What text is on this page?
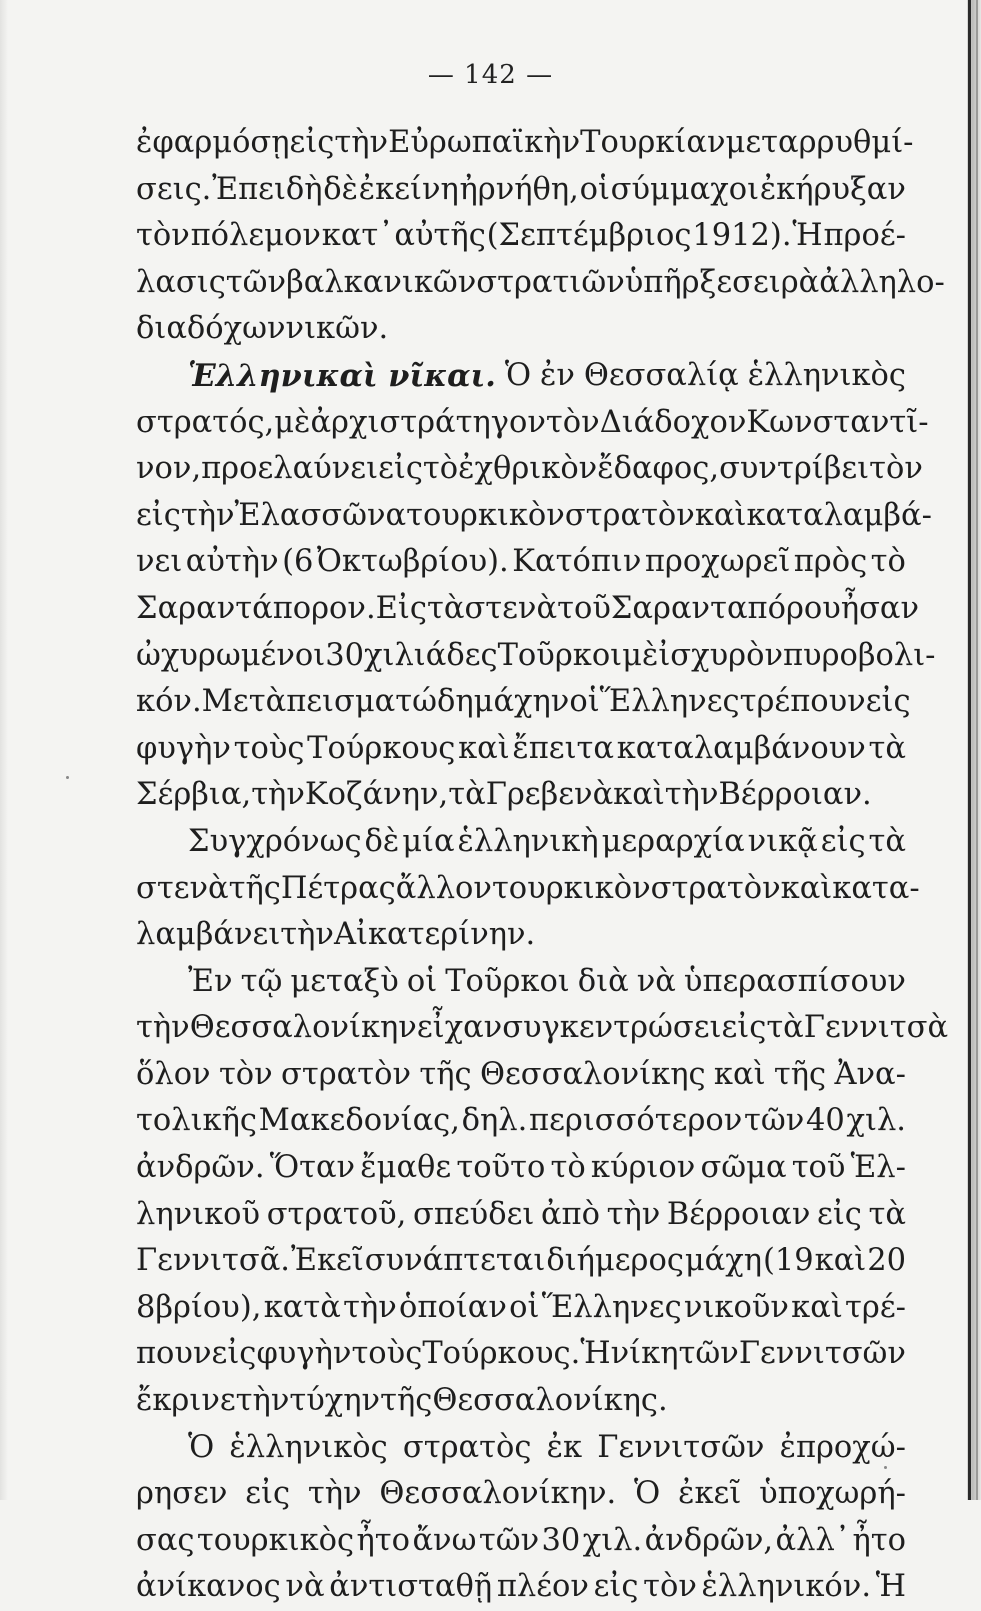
— 142 —
ἐφαρμόσῃ εἰς τὴν Εὐρωπαϊκὴν Τουρκίαν μεταρρυθμί-
σεις. Ἐπειδὴ δὲ ἐκείνη ἠρνήθη, οἱ σύμμαχοι ἐκήρυξαν
τὸν πόλεμον κατ᾽ αὐτῆς (Σεπτέμβριος 1912). Ἡ προέ-
λασις τῶν βαλκανικῶν στρατιῶν ὑπῆρξε σειρὰ ἀλληλο-
διαδόχων νικῶν.
Ἑλληνικαὶ νῖκαι. Ὁ ἐν Θεσσαλίᾳ ἑλληνικὸς
στρατός, μὲ ἀρχιστράτηγον τὸν Διάδοχον Κωνσταντῖ-
νον, προελαύνει εἰς τὸ ἐχθρικὸν ἔδαφος, συντρίβει τὸν
εἰς τὴν Ἐλασσῶνα τουρκικὸν στρατὸν καὶ καταλαμβά-
νει αὐτὴν (6 Ὀκτωβρίου). Κατόπιν προχωρεῖ πρὸς τὸ
Σαραντάπορον. Εἰς τὰ στενὰ τοῦ Σαρανταπόρου ἦσαν
ὠχυρωμένοι 30 χιλιάδες Τοῦρκοι μὲ ἰσχυρὸν πυροβολι-
κόν. Μετὰ πεισματώδη μάχην οἱ Ἕλληνες τρέπουν εἰς
φυγὴν τοὺς Τούρκους καὶ ἔπειτα καταλαμβάνουν τὰ
Σέρβια, τὴν Κοζάνην, τὰ Γρεβενὰ καὶ τὴν Βέρροιαν.
Συγχρόνως δὲ μία ἑλληνικὴ μεραρχία νικᾷ εἰς τὰ
στενὰ τῆς Πέτρας ἄλλον τουρκικὸν στρατὸν καὶ κατα-
λαμβάνει τὴν Αἰκατερίνην.
Ἐν τῷ μεταξὺ οἱ Τοῦρκοι διὰ νὰ ὑπερασπίσουν
τὴν Θεσσαλονίκην εἶχαν συγκεντρώσει εἰς τὰ Γεννιτσὰ
ὅλον τὸν στρατὸν τῆς Θεσσαλονίκης καὶ τῆς Ἀνα-
τολικῆς Μακεδονίας, δηλ. περισσότερον τῶν 40 χιλ.
ἀνδρῶν. Ὅταν ἔμαθε τοῦτο τὸ κύριον σῶμα τοῦ Ἑλ-
ληνικοῦ στρατοῦ, σπεύδει ἀπὸ τὴν Βέρροιαν εἰς τὰ
Γεννιτσᾶ. Ἐκεῖ συνάπτεται διήμερος μάχη (19 καὶ 20
8βρίου), κατὰ τὴν ὁποίαν οἱ Ἕλληνες νικοῦν καὶ τρέ-
πουν εἰς φυγὴν τοὺς Τούρκους. Ἡ νίκη τῶν Γεννιτσῶν
ἔκρινε τὴν τύχην τῆς Θεσσαλονίκης.
Ὁ ἑλληνικὸς στρατὸς ἐκ Γεννιτσῶν ἐπροχώ-
ρησεν εἰς τὴν Θεσσαλονίκην. Ὁ ἐκεῖ ὑποχωρή-
σας τουρκικὸς ἦτο ἄνω τῶν 30 χιλ. ἀνδρῶν, ἀλλ᾽ ἦτο
ἀνίκανος νὰ ἀντισταθῇ πλέον εἰς τὸν ἑλληνικόν. Ἡ
